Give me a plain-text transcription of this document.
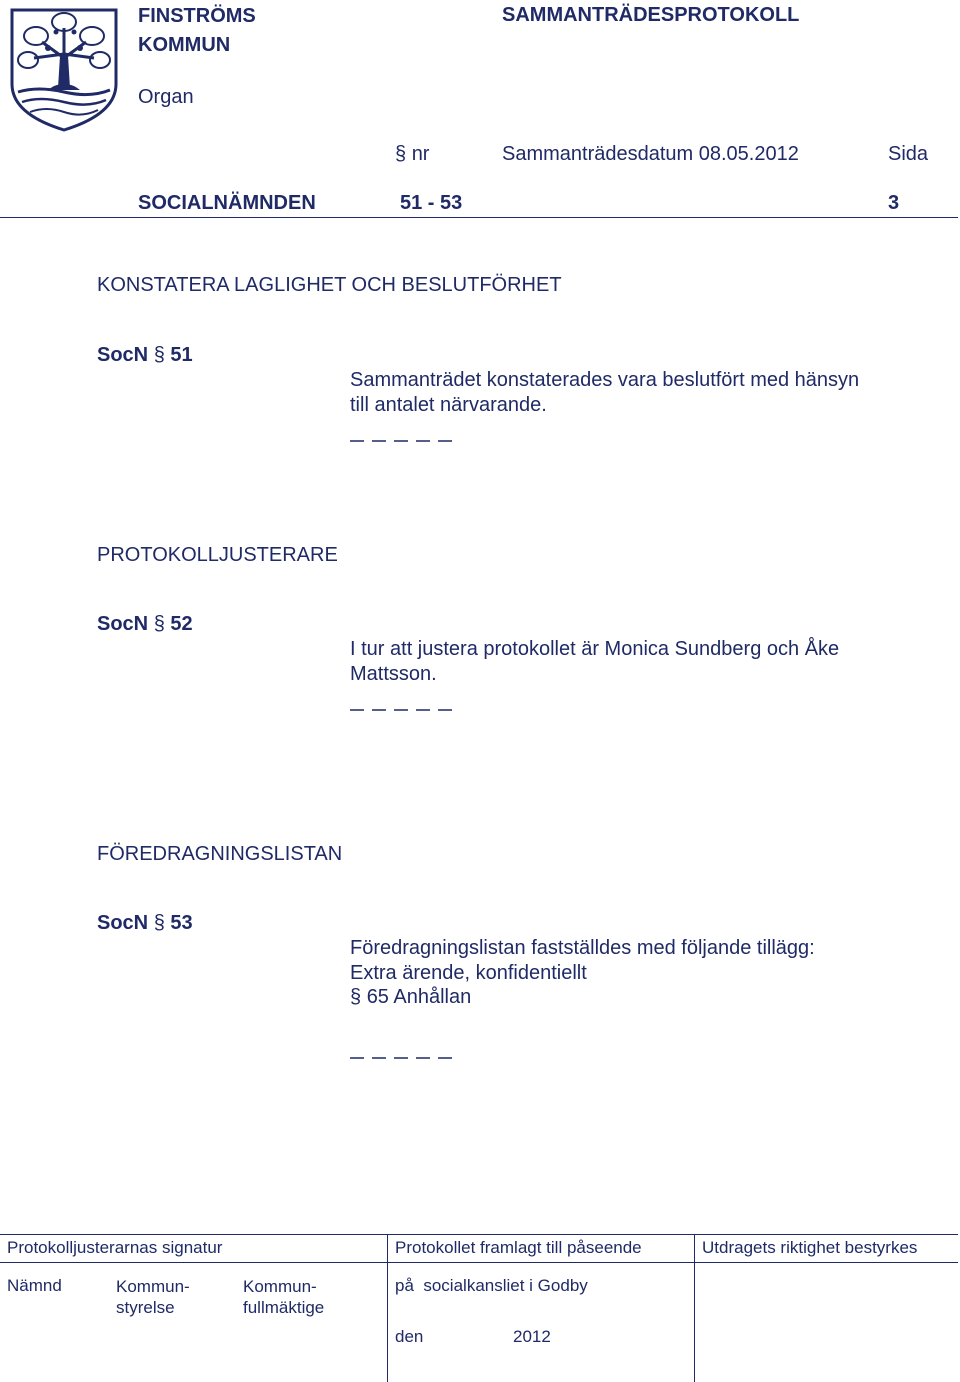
FINSTRÖMS
KOMMUN
Organ
SAMMANTRÄDESPROTOKOLL
§ nr	Sammanträdesdatum 08.05.2012	Sida
SOCIALNÄMNDEN	51 - 53	3
KONSTATERA LAGLIGHET OCH BESLUTFÖRHET
SocN § 51
Sammanträdet konstaterades vara beslutfört med hänsyn
till antalet närvarande.
PROTOKOLLJUSTERARE
SocN § 52
I tur att justera protokollet är Monica Sundberg och Åke
Mattsson.
FÖREDRAGNINGSLISTAN
SocN § 53
Föredragningslistan fastställdes med följande tillägg:
Extra ärende, konfidentiellt
§ 65 Anhållan
Protokolljusterarnas signatur	Protokollet framlagt till påseende	Utdragets riktighet bestyrkes
Nämnd	Kommun-
styrelse
Kommun-
fullmäktige
på  socialkansliet i Godby
den	2012
